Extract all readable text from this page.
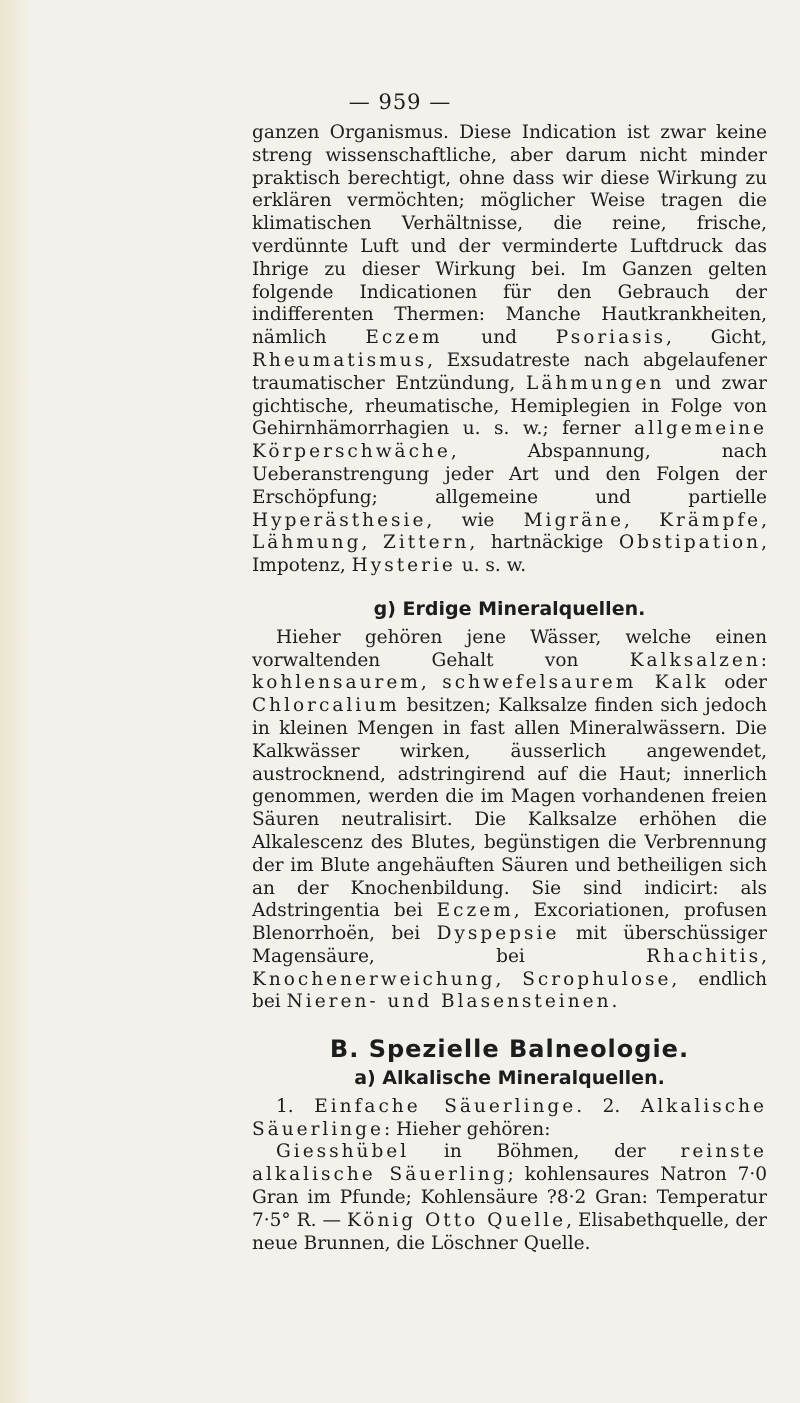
— 959 —

ganzen Organismus. Diese Indication ist zwar keine streng wissenschaftliche, aber darum nicht minder praktisch berechtigt, ohne dass wir diese Wirkung zu erklären vermöchten; möglicher Weise tragen die klimatischen Verhältnisse, die reine, frische, verdünnte Luft und der verminderte Luftdruck das Ihrige zu dieser Wirkung bei. Im Ganzen gelten folgende Indicationen für den Gebrauch der indifferenten Thermen: Manche Hautkrankheiten, nämlich Eczem und Psoriasis, Gicht, Rheumatismus, Exsudatreste nach abgelaufener traumatischer Entzündung, Lähmungen und zwar gichtische, rheumatische, Hemiplegien in Folge von Gehirnhämorrhagien u. s. w.; ferner allgemeine Körperschwäche, Abspannung, nach Ueberanstrengung jeder Art und den Folgen der Erschöpfung; allgemeine und partielle Hyperästhesie, wie Migräne, Krämpfe, Lähmung, Zittern, hartnäckige Obstipation, Impotenz, Hysterie u. s. w.

g) Erdige Mineralquellen.

Hieher gehören jene Wässer, welche einen vorwaltenden Gehalt von Kalksalzen: kohlensaurem, schwefelsaurem Kalk oder Chlorcalium besitzen; Kalksalze finden sich jedoch in kleinen Mengen in fast allen Mineralwässern. Die Kalkwässer wirken, äusserlich angewendet, austrocknend, adstringirend auf die Haut; innerlich genommen, werden die im Magen vorhandenen freien Säuren neutralisirt. Die Kalksalze erhöhen die Alkalescenz des Blutes, begünstigen die Verbrennung der im Blute angehäuften Säuren und betheiligen sich an der Knochenbildung. Sie sind indicirt: als Adstringentia bei Eczem, Excoriationen, profusen Blenorrhoën, bei Dyspepsie mit überschüssiger Magensäure, bei Rhachitis, Knochenerweichung, Scrophulose, endlich bei Nieren- und Blasensteinen.

B. Spezielle Balneologie.
a) Alkalische Mineralquellen.

1. Einfache Säuerlinge. 2. Alkalische Säuerlinge: Hieher gehören:

Giesshübel in Böhmen, der reinste alkalische Säuerling; kohlensaures Natron 7·0 Gran im Pfunde; Kohlensäure ?8·2 Gran: Temperatur 7·5° R. — König Otto Quelle, Elisabethquelle, der neue Brunnen, die Löschner Quelle.
